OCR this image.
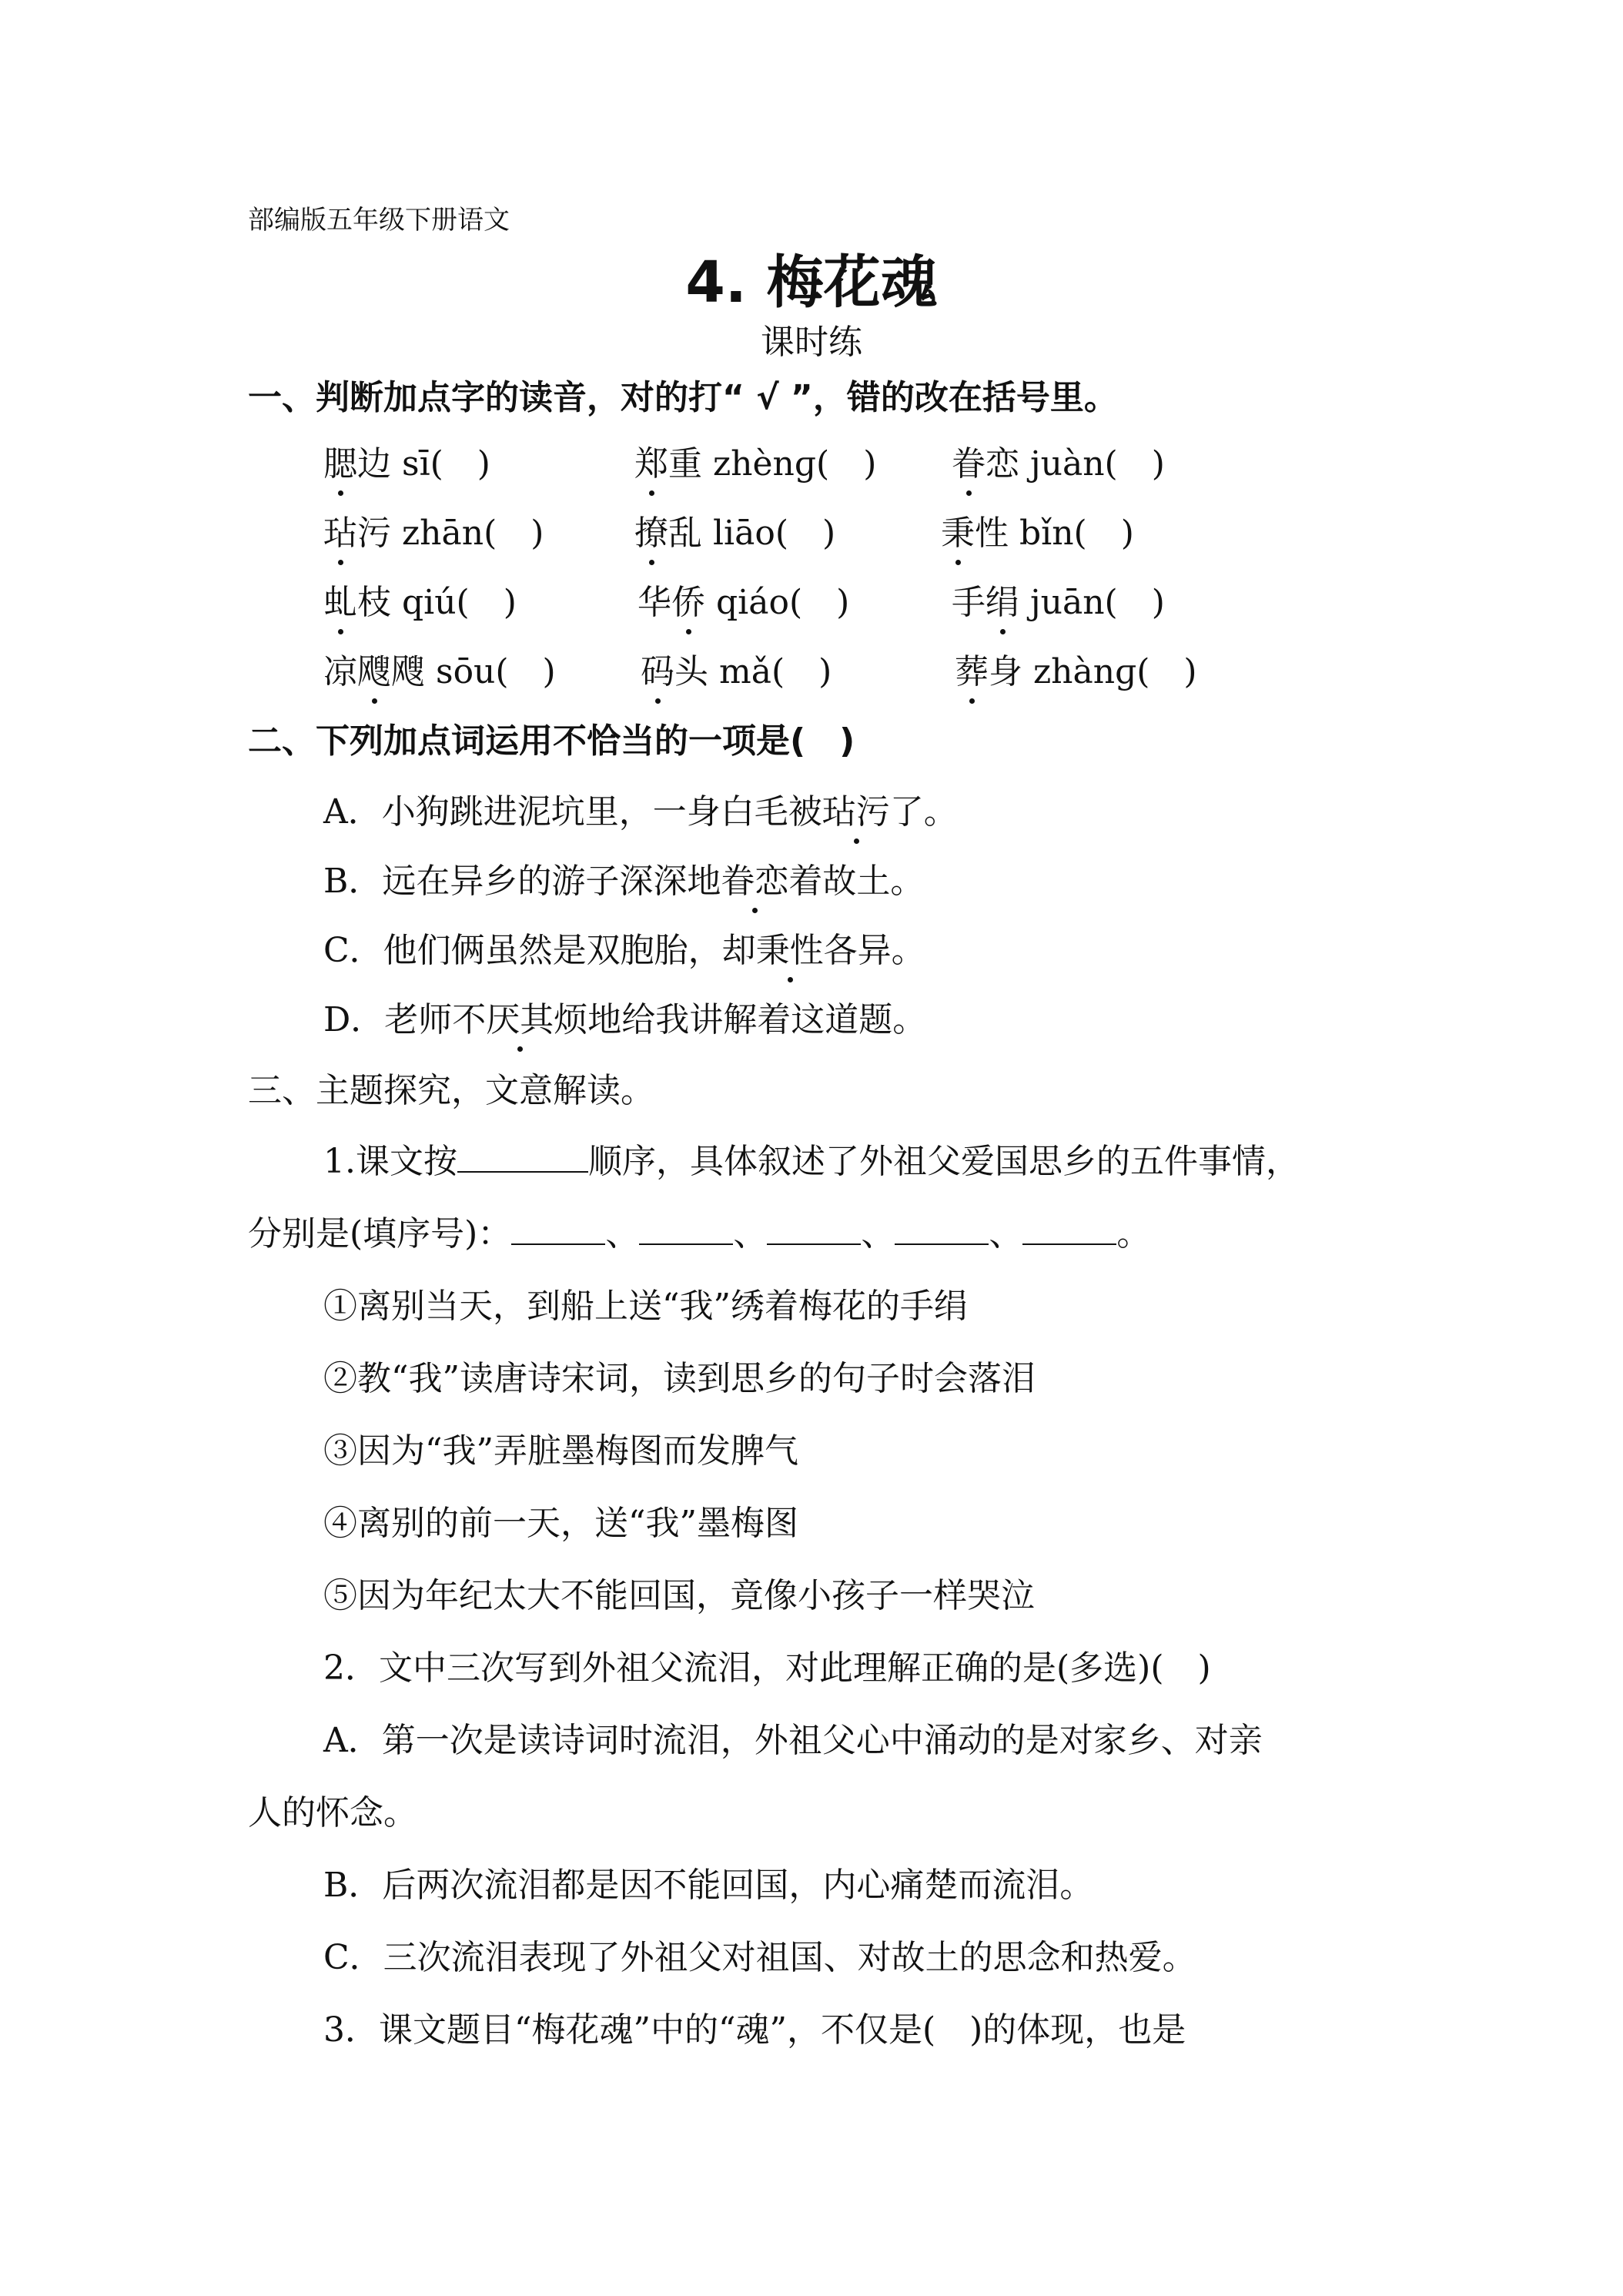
部编版五年级下册语文
4. 梅花魂
课时练
一、判断加点字的读音，对的打“ √ ”，错的改在括号里。
腮边 sī(　)	郑重 zhènɡ(　) 眷恋 juàn(　)
玷污 zhān(　)	撩乱 liāo(　)	秉性 bǐn(　)
虬枝 qiú(　)	华侨 qiáo(　)	手绢 juān(　)
凉飕飕 sōu(　)	码头 mǎ(　)	葬身 zhànɡ(　)
二、下列加点词运用不恰当的一项是(　)
A．小狗跳进泥坑里，一身白毛被玷污了。
B．远在异乡的游子深深地眷恋着故土。
C．他们俩虽然是双胞胎，却秉性各异。
D．老师不厌其烦地给我讲解着这道题。
三、主题探究，文意解读。
1.课文按	顺序，具体叙述了外祖父爱国思乡的五件事情，
分别是(填序号)：	、	、	、	、	。
①离别当天，到船上送“我”绣着梅花的手绢
②教“我”读唐诗宋词，读到思乡的句子时会落泪
③因为“我”弄脏墨梅图而发脾气
④离别的前一天，送“我”墨梅图
⑤因为年纪太大不能回国，竟像小孩子一样哭泣
2．文中三次写到外祖父流泪，对此理解正确的是(多选)(　)
A．第一次是读诗词时流泪，外祖父心中涌动的是对家乡、对亲
人的怀念。
B．后两次流泪都是因不能回国，内心痛楚而流泪。
C．三次流泪表现了外祖父对祖国、对故土的思念和热爱。
3．课文题目“梅花魂”中的“魂”，不仅是(　)的体现，也是
